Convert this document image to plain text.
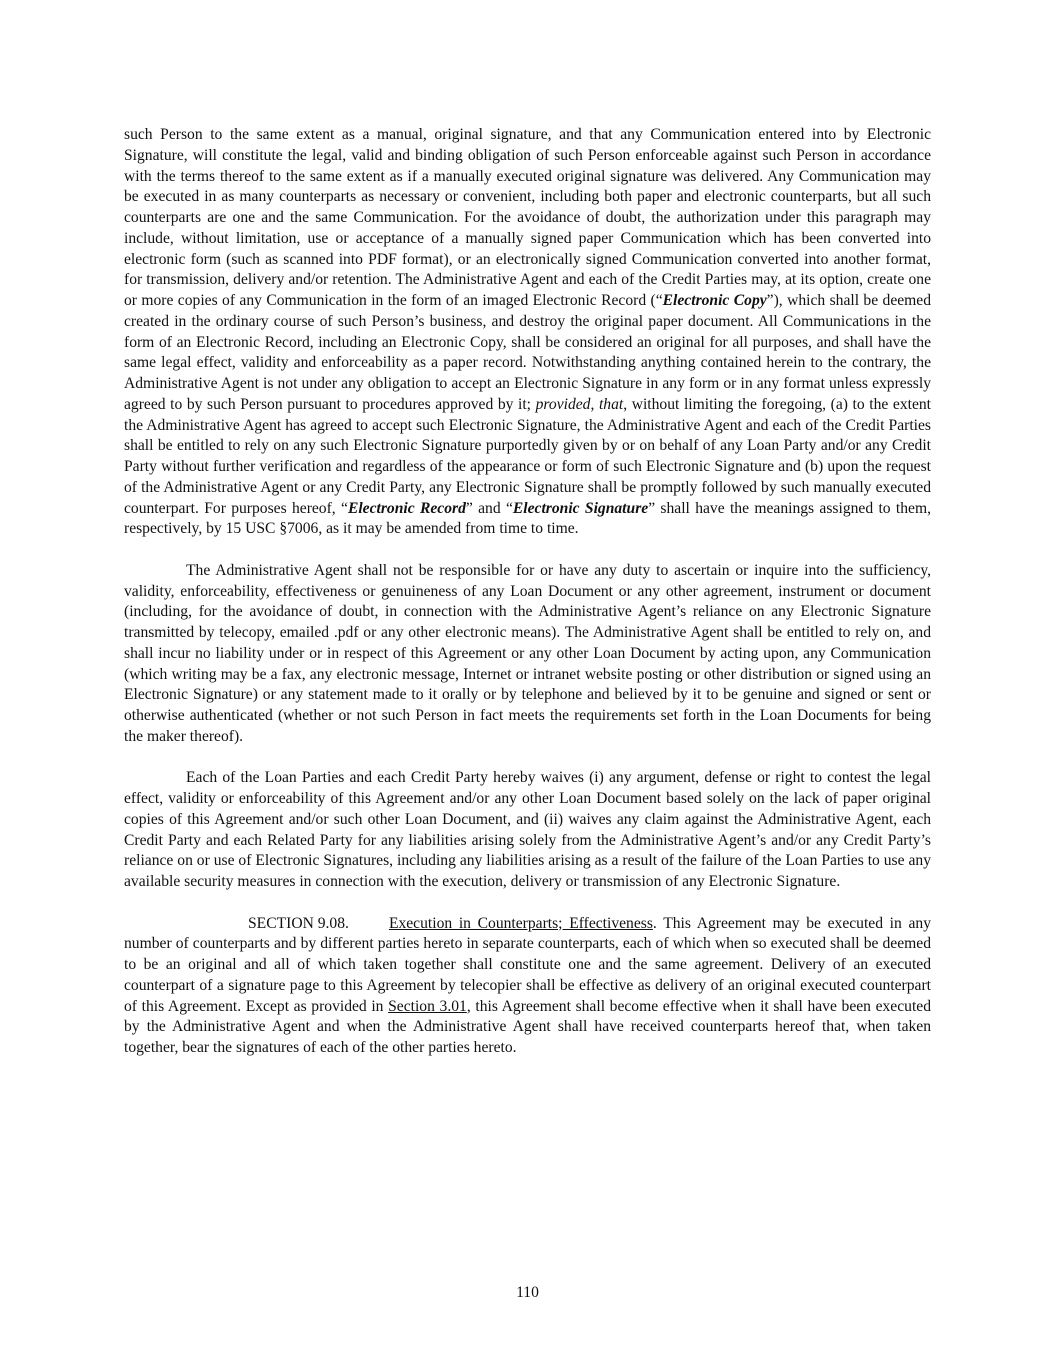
such Person to the same extent as a manual, original signature, and that any Communication entered into by Electronic Signature, will constitute the legal, valid and binding obligation of such Person enforceable against such Person in accordance with the terms thereof to the same extent as if a manually executed original signature was delivered. Any Communication may be executed in as many counterparts as necessary or convenient, including both paper and electronic counterparts, but all such counterparts are one and the same Communication. For the avoidance of doubt, the authorization under this paragraph may include, without limitation, use or acceptance of a manually signed paper Communication which has been converted into electronic form (such as scanned into PDF format), or an electronically signed Communication converted into another format, for transmission, delivery and/or retention. The Administrative Agent and each of the Credit Parties may, at its option, create one or more copies of any Communication in the form of an imaged Electronic Record (“Electronic Copy”), which shall be deemed created in the ordinary course of such Person’s business, and destroy the original paper document. All Communications in the form of an Electronic Record, including an Electronic Copy, shall be considered an original for all purposes, and shall have the same legal effect, validity and enforceability as a paper record. Notwithstanding anything contained herein to the contrary, the Administrative Agent is not under any obligation to accept an Electronic Signature in any form or in any format unless expressly agreed to by such Person pursuant to procedures approved by it; provided, that, without limiting the foregoing, (a) to the extent the Administrative Agent has agreed to accept such Electronic Signature, the Administrative Agent and each of the Credit Parties shall be entitled to rely on any such Electronic Signature purportedly given by or on behalf of any Loan Party and/or any Credit Party without further verification and regardless of the appearance or form of such Electronic Signature and (b) upon the request of the Administrative Agent or any Credit Party, any Electronic Signature shall be promptly followed by such manually executed counterpart. For purposes hereof, “Electronic Record” and “Electronic Signature” shall have the meanings assigned to them, respectively, by 15 USC §7006, as it may be amended from time to time.

The Administrative Agent shall not be responsible for or have any duty to ascertain or inquire into the sufficiency, validity, enforceability, effectiveness or genuineness of any Loan Document or any other agreement, instrument or document (including, for the avoidance of doubt, in connection with the Administrative Agent’s reliance on any Electronic Signature transmitted by telecopy, emailed .pdf or any other electronic means). The Administrative Agent shall be entitled to rely on, and shall incur no liability under or in respect of this Agreement or any other Loan Document by acting upon, any Communication (which writing may be a fax, any electronic message, Internet or intranet website posting or other distribution or signed using an Electronic Signature) or any statement made to it orally or by telephone and believed by it to be genuine and signed or sent or otherwise authenticated (whether or not such Person in fact meets the requirements set forth in the Loan Documents for being the maker thereof).

Each of the Loan Parties and each Credit Party hereby waives (i) any argument, defense or right to contest the legal effect, validity or enforceability of this Agreement and/or any other Loan Document based solely on the lack of paper original copies of this Agreement and/or such other Loan Document, and (ii) waives any claim against the Administrative Agent, each Credit Party and each Related Party for any liabilities arising solely from the Administrative Agent’s and/or any Credit Party’s reliance on or use of Electronic Signatures, including any liabilities arising as a result of the failure of the Loan Parties to use any available security measures in connection with the execution, delivery or transmission of any Electronic Signature.

SECTION 9.08.	Execution in Counterparts; Effectiveness. This Agreement may be executed in any number of counterparts and by different parties hereto in separate counterparts, each of which when so executed shall be deemed to be an original and all of which taken together shall constitute one and the same agreement. Delivery of an executed counterpart of a signature page to this Agreement by telecopier shall be effective as delivery of an original executed counterpart of this Agreement. Except as provided in Section 3.01, this Agreement shall become effective when it shall have been executed by the Administrative Agent and when the Administrative Agent shall have received counterparts hereof that, when taken together, bear the signatures of each of the other parties hereto.

110
